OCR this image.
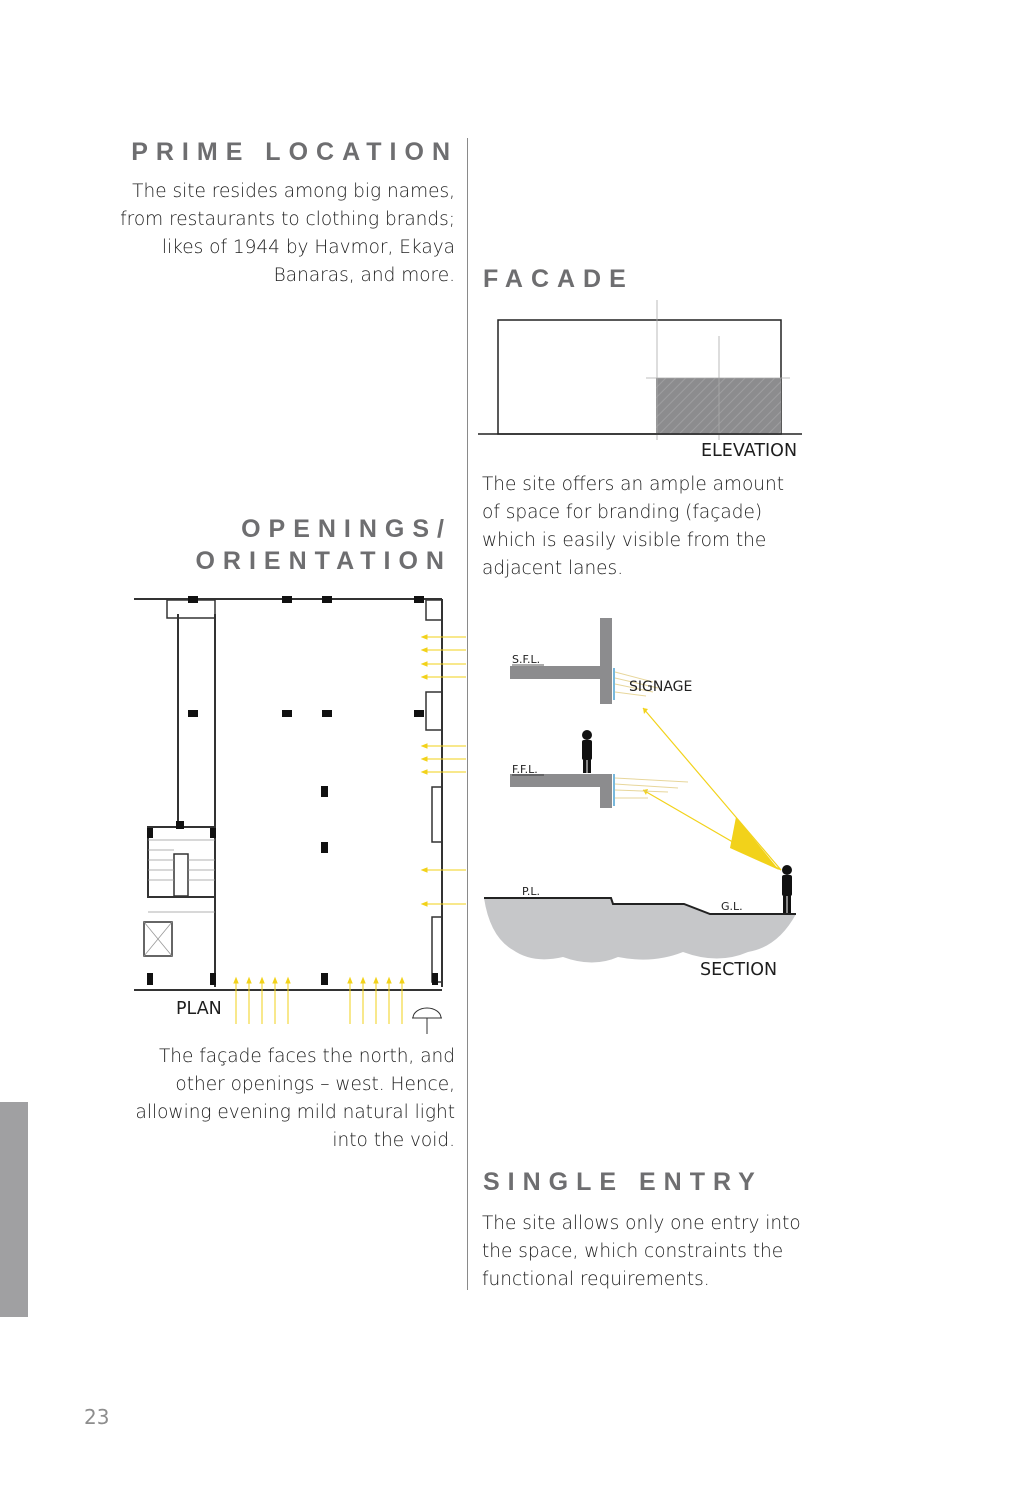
PRIME LOCATION

The site resides among big names, from restaurants to clothing brands; likes of 1944 by Havmor, Ekaya Banaras, and more. FACADE

ELEVATION

The site offers an ample amount of space for branding (façade) which is easily visible from the adjacent lanes.

OPENINGS/
ORIENTATION

PLAN

The façade faces the north, and other openings – west. Hence, allowing evening mild natural light into the void.

S.F.L.
F.F.L.
P.L.
G.L.
SIGNAGE

SECTION

SINGLE ENTRY

The site allows only one entry into the space, which constraints the functional requirements.

23
